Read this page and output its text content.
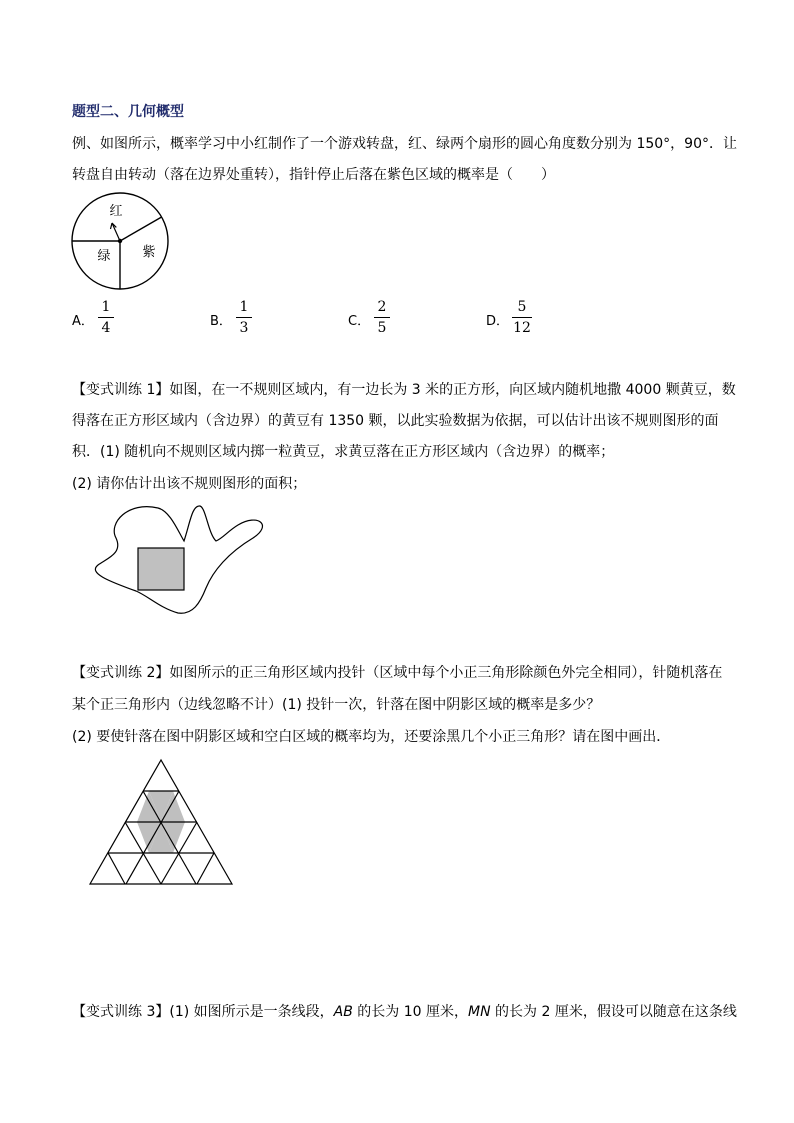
题型二、几何概型
例、如图所示，概率学习中小红制作了一个游戏转盘，红、绿两个扇形的圆心角度数分别为 150°，90°．让
转盘自由转动（落在边界处重转），指针停止后落在紫色区域的概率是（　　）
红
绿 紫
A．
1
4	B．
1
3	C．
2
5	D．
5
12
【变式训练 1】如图，在一不规则区域内，有一边长为 3 米的正方形，向区域内随机地撒 4000 颗黄豆，数
得落在正方形区域内（含边界）的黄豆有 1350 颗，以此实验数据为依据，可以估计出该不规则图形的面
积．(1) 随机向不规则区域内掷一粒黄豆，求黄豆落在正方形区域内（含边界）的概率；
(2) 请你估计出该不规则图形的面积；
【变式训练 2】如图所示的正三角形区域内投针（区域中每个小正三角形除颜色外完全相同），针随机落在
某个正三角形内（边线忽略不计）(1) 投针一次，针落在图中阴影区域的概率是多少？
(2) 要使针落在图中阴影区域和空白区域的概率均为，还要涂黑几个小正三角形？请在图中画出．
【变式训练 3】(1) 如图所示是一条线段，AB 的长为 10 厘米，MN 的长为 2 厘米，假设可以随意在这条线
